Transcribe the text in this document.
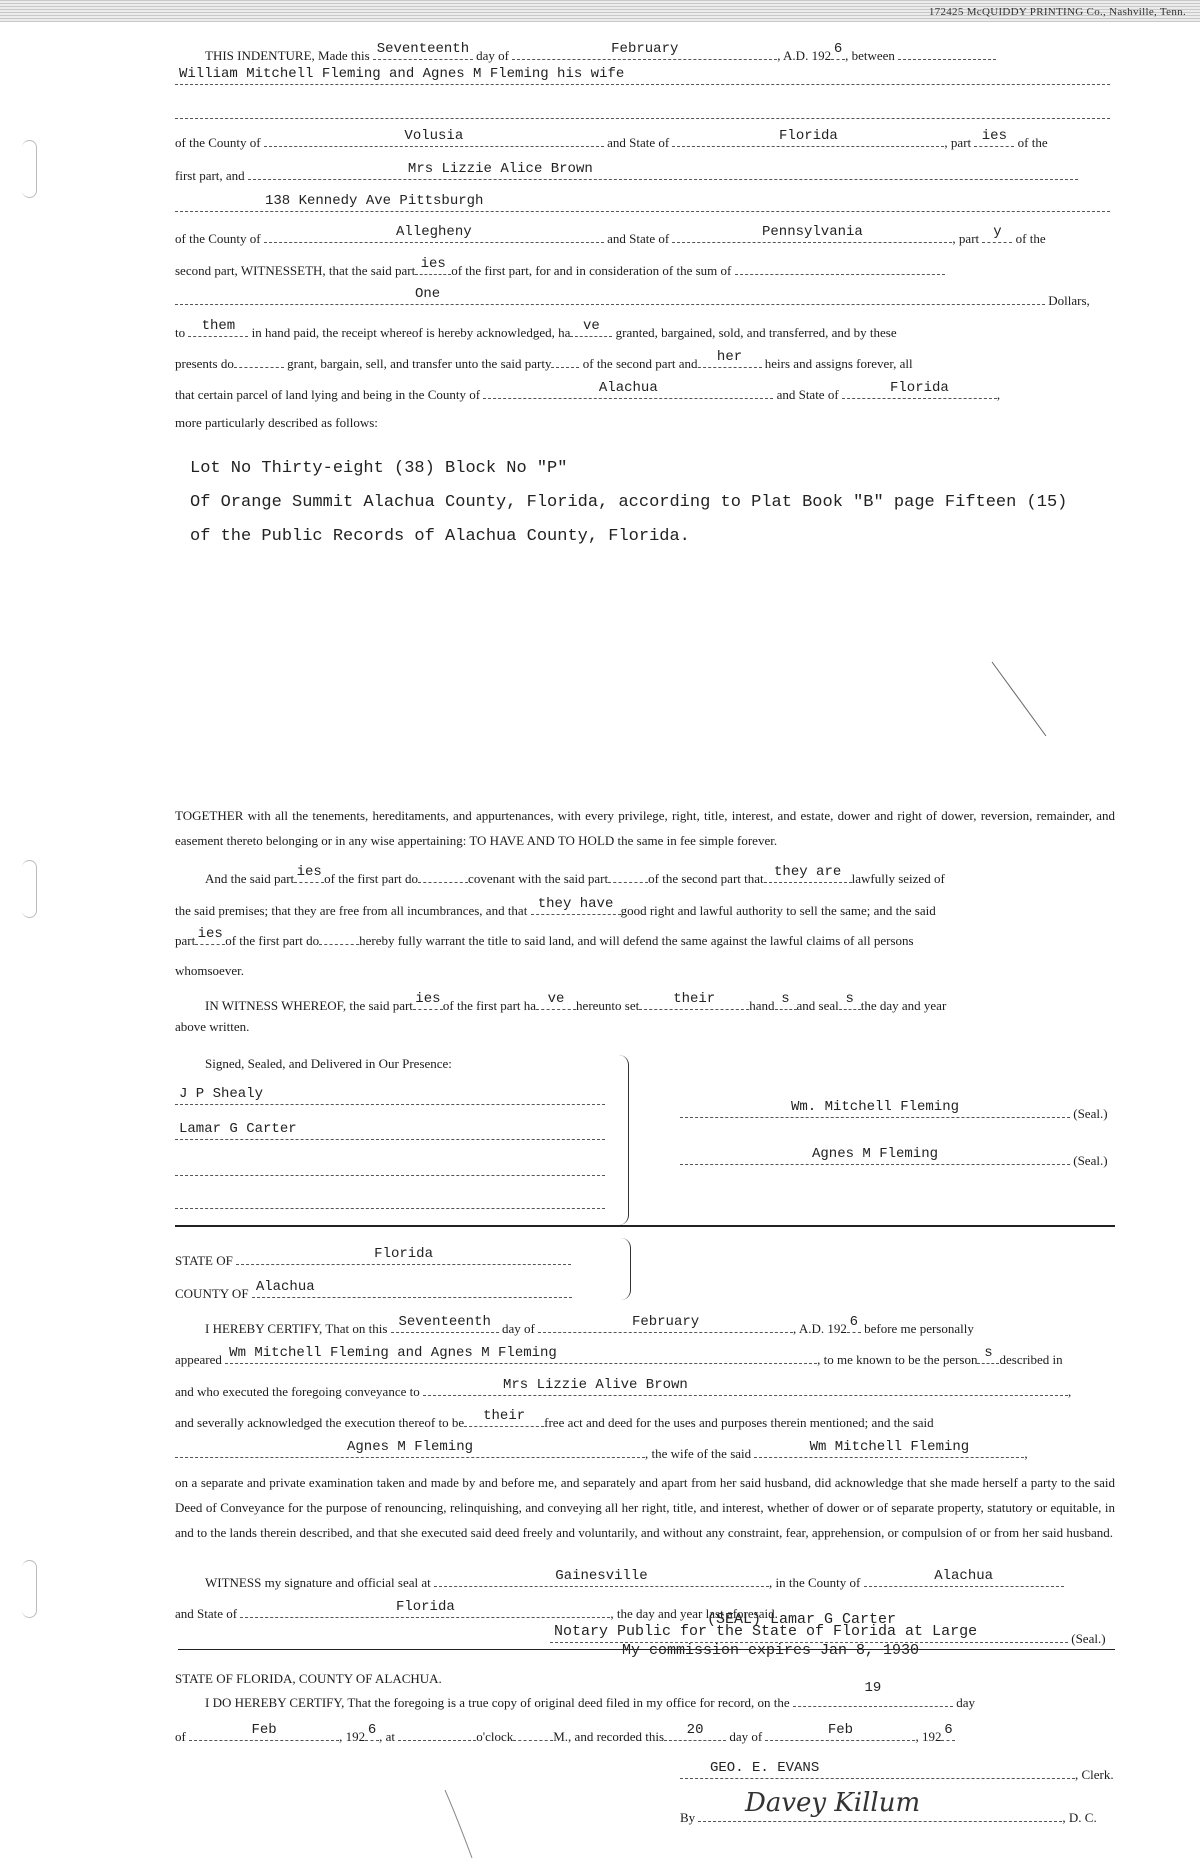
172425 McQUIDDY PRINTING Co., Nashville, Tenn.
THIS INDENTURE, Made this Seventeenth day of	February	, A.D. 192 6 , between
William Mitchell Fleming and Agnes M Fleming his wife
of the County of	Volusia	and State of	Florida	, part ies of the
first part, and	Mrs Lizzie Alice Brown
138 Kennedy Ave Pittsburgh
of the County of	Allegheny	and State of	Pennsylvania	, part	y	of the
second part, WITNESSETH, that the said part ies of the first part, for and in consideration of the sum of
One	Dollars,
to	them	in hand paid, the receipt whereof is hereby acknowledged, ha ve	granted, bargained, sold, and transferred, and by these
presents do	grant, bargain, sell, and transfer unto the said party of the second part and	her	heirs and assigns forever, all
that certain parcel of land lying and being in the County of	Alachua	and State of	Florida	,
more particularly described as follows:
Lot No Thirty-eight (38) Block No "P"
Of Orange Summit Alachua County, Florida, according to Plat Book "B" page Fifteen (15)
of the Public Records of Alachua County, Florida.
TOGETHER with all the tenements, hereditaments, and appurtenances, with every privilege, right, title, interest, and estate, dower and right of dower, reversion, remainder, and easement thereto belonging or in any wise appertaining: TO HAVE AND TO HOLD the same in fee simple forever.
And the said part ies of the first part do	covenant with the said part	of the second part that they are lawfully seized of
the said premises; that they are free from all incumbrances, and that they have good right and lawful authority to sell the same; and the said
part ies of the first part do	hereby fully warrant the title to said land, and will defend the same against the lawful claims of all persons
whomsoever.
IN WITNESS WHEREOF, the said part ies of the first part ha ve hereunto set	their	hand s and seal s the day and year
above written.
Signed, Sealed, and Delivered in Our Presence:
J P Shealy
Lamar G Carter
Wm. Mitchell Fleming	(Seal.)
Agnes M Fleming	(Seal.)
STATE OF	Florida
COUNTY OF Alachua
I HEREBY CERTIFY, That on this Seventeenth day of	February	, A.D. 192 6 before me personally
appeared Wm Mitchell Fleming and Agnes M Fleming	, to me known to be the person s described in
and who executed the foregoing conveyance to	Mrs Lizzie Alive Brown	,
and severally acknowledged the execution thereof to be	their	free act and deed for the uses and purposes therein mentioned; and the said
Agnes M Fleming	, the wife of the said	Wm Mitchell Fleming	,
on a separate and private examination taken and made by and before me, and separately and apart from her said husband, did acknowledge that she made herself a party to the said Deed of Conveyance for the purpose of renouncing, relinquishing, and conveying all her right, title, and interest, whether of dower or of separate property, statutory or equitable, in and to the lands therein described, and that she executed said deed freely and voluntarily, and without any constraint, fear, apprehension, or compulsion of or from her said husband.
WITNESS my signature and official seal at	Gainesville	, in the County of	Alachua
and State of	Florida	, the day and year last aforesaid.
(SEAL) Lamar G Carter
Notary Public for the State of Florida at Large	(Seal.)
My commission expires Jan 8, 1930
STATE OF FLORIDA, COUNTY OF ALACHUA.
I DO HEREBY CERTIFY, That the foregoing is a true copy of original deed filed in my office for record, on the
19
day
of	Feb	, 192 6 , at	o'clock	M., and recorded this	20	day of	Feb	, 192 6
GEO. E. EVANS	, Clerk.
By	, D. C.
Davey Killum
